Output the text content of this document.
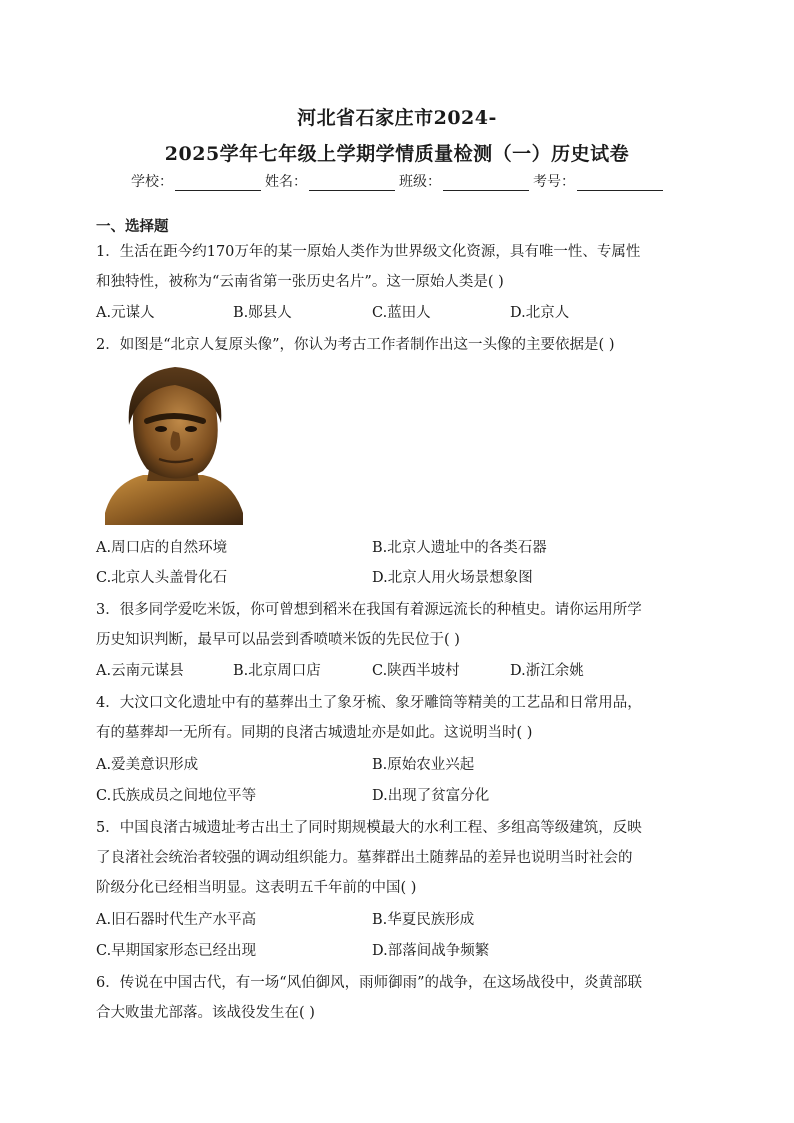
河北省石家庄市2024-
2025学年七年级上学期学情质量检测（一）历史试卷
学校：	姓名：	班级：	考号：
一、选择题
1．生活在距今约170万年的某一原始人类作为世界级文化资源，具有唯一性、专属性
和独特性，被称为“云南省第一张历史名片”。这一原始人类是( )
A.元谋人	B.郧县人	C.蓝田人	D.北京人
2．如图是“北京人复原头像”，你认为考古工作者制作出这一头像的主要依据是( )
A.周口店的自然环境	B.北京人遗址中的各类石器
C.北京人头盖骨化石	D.北京人用火场景想象图
3．很多同学爱吃米饭，你可曾想到稻米在我国有着源远流长的种植史。请你运用所学
历史知识判断，最早可以品尝到香喷喷米饭的先民位于( )
A.云南元谋县	B.北京周口店	C.陕西半坡村	D.浙江余姚
4．大汶口文化遗址中有的墓葬出土了象牙梳、象牙雕筒等精美的工艺品和日常用品，
有的墓葬却一无所有。同期的良渚古城遗址亦是如此。这说明当时( )
A.爱美意识形成	B.原始农业兴起
C.氏族成员之间地位平等	D.出现了贫富分化
5．中国良渚古城遗址考古出土了同时期规模最大的水利工程、多组高等级建筑，反映
了良渚社会统治者较强的调动组织能力。墓葬群出土随葬品的差异也说明当时社会的
阶级分化已经相当明显。这表明五千年前的中国( )
A.旧石器时代生产水平高	B.华夏民族形成
C.早期国家形态已经出现	D.部落间战争频繁
6．传说在中国古代，有一场“风伯御风，雨师御雨”的战争，在这场战役中，炎黄部联
合大败蚩尤部落。该战役发生在( )
